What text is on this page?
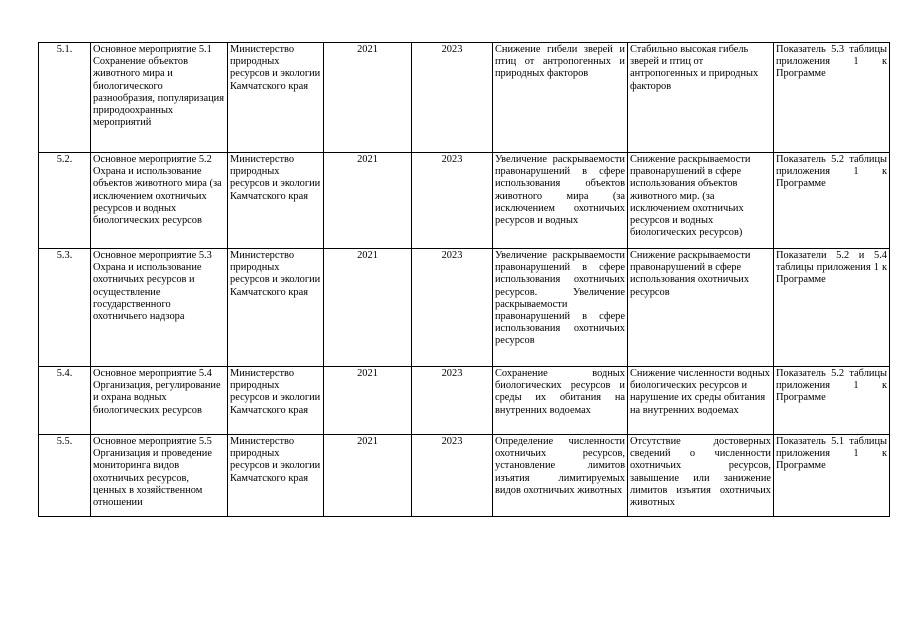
5.1.	Основное мероприятие 5.1 Сохранение объектов животного мира и биологического разнообразия, популяризация природоохранных мероприятий	Министерство природных ресурсов и экологии Камчатского края	2021	2023	Снижение гибели зверей и птиц от антропогенных и природных факторов	Стабильно высокая гибель зверей и птиц от антропогенных и природных факторов	Показатель 5.3 таблицы приложения 1 к Программе
5.2.	Основное мероприятие 5.2 Охрана и использование объектов животного мира (за исключением охотничьих ресурсов и водных биологических ресурсов	Министерство природных ресурсов и экологии Камчатского края	2021	2023	Увеличение раскрываемости правонарушений в сфере использования объектов животного мира (за исключением охотничьих ресурсов и водных	Снижение раскрываемости правонарушений в сфере использования объектов животного мир. (за исключением охотничьих ресурсов и водных биологических ресурсов)	Показатель 5.2 таблицы приложения 1 к Программе
5.3.	Основное мероприятие 5.3 Охрана и использование охотничьих ресурсов и осуществление государственного охотничьего надзора	Министерство природных ресурсов и экологии Камчатского края	2021	2023	Увеличение раскрываемости правонарушений в сфере использования охотничьих ресурсов. Увеличение раскрываемости правонарушений в сфере использования охотничьих ресурсов	Снижение раскрываемости правонарушений в сфере использования охотничьих ресурсов	Показатели 5.2 и 5.4 таблицы приложения 1 к Программе
5.4.	Основное мероприятие 5.4 Организация, регулирование и охрана водных биологических ресурсов	Министерство природных ресурсов и экологии Камчатского края	2021	2023	Сохранение водных биологических ресурсов и среды их обитания на внутренних водоемах	Снижение численности водных биологических ресурсов и нарушение их среды обитания на внутренних водоемах	Показатель 5.2 таблицы приложения 1 к Программе
5.5.	Основное мероприятие 5.5 Организация и проведение мониторинга видов охотничьих ресурсов, ценных в хозяйственном отношении	Министерство природных ресурсов и экологии Камчатского края	2021	2023	Определение численности охотничьих ресурсов, установление лимитов изъятия лимитируемых видов охотничьих животных	Отсутствие достоверных сведений о численности охотничьих ресурсов, завышение или занижение лимитов изъятия охотничьих животных	Показатель 5.1 таблицы приложения 1 к Программе
